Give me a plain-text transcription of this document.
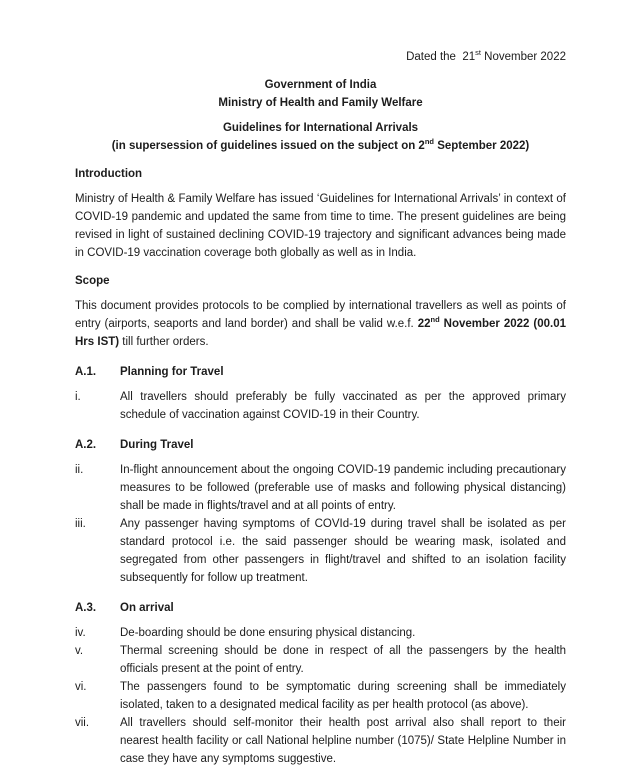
Dated the 21st November 2022
Government of India
Ministry of Health and Family Welfare
Guidelines for International Arrivals
(in supersession of guidelines issued on the subject on 2nd September 2022)
Introduction

Ministry of Health & Family Welfare has issued ‘Guidelines for International Arrivals’ in context of COVID-19 pandemic and updated the same from time to time. The present guidelines are being revised in light of sustained declining COVID-19 trajectory and significant advances being made in COVID-19 vaccination coverage both globally as well as in India.

Scope

This document provides protocols to be complied by international travellers as well as points of entry (airports, seaports and land border) and shall be valid w.e.f. 22nd November 2022 (00.01 Hrs IST) till further orders.

A.1.	Planning for Travel
i.	All travellers should preferably be fully vaccinated as per the approved primary schedule of vaccination against COVID-19 in their Country.
A.2.	During Travel
ii.	In-flight announcement about the ongoing COVID-19 pandemic including precautionary measures to be followed (preferable use of masks and following physical distancing) shall be made in flights/travel and at all points of entry.
iii.	Any passenger having symptoms of COVId-19 during travel shall be isolated as per standard protocol i.e. the said passenger should be wearing mask, isolated and segregated from other passengers in flight/travel and shifted to an isolation facility subsequently for follow up treatment.
A.3.	On arrival
iv.	De-boarding should be done ensuring physical distancing.
v.	Thermal screening should be done in respect of all the passengers by the health officials present at the point of entry.
vi.	The passengers found to be symptomatic during screening shall be immediately isolated, taken to a designated medical facility as per health protocol (as above).
vii.	All travellers should self-monitor their health post arrival also shall report to their nearest health facility or call National helpline number (1075)/ State Helpline Number in case they have any symptoms suggestive.
